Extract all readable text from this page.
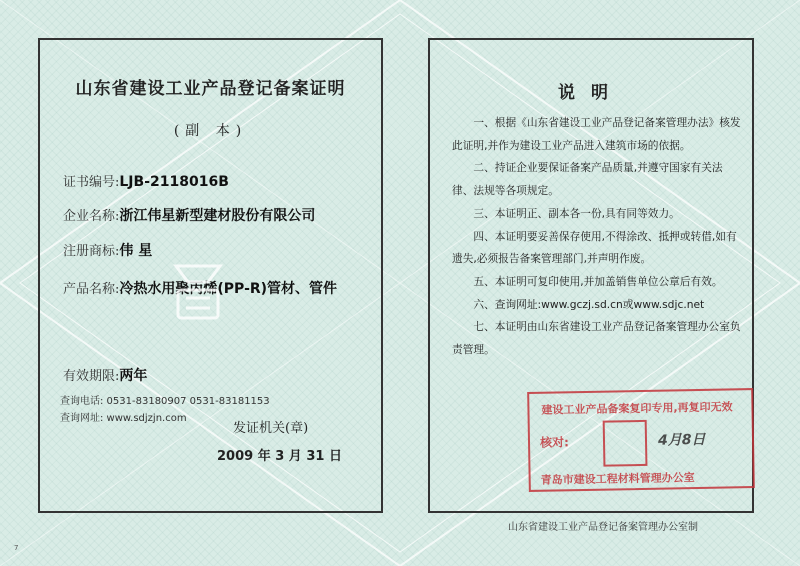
山东省建设工业产品登记备案证明
(副 本)
证书编号:LJB-2118016B
企业名称:浙江伟星新型建材股份有限公司
注册商标:伟 星
产品名称:冷热水用聚丙烯(PP-R)管材、管件
有效期限:两年
查询电话: 0531-83180907 0531-83181153
查询网址: www.sdjzjn.com
发证机关(章)
2009 年 3 月 31 日
说明

一、根据《山东省建设工业产品登记备案管理办法》核发此证明,并作为建设工业产品进入建筑市场的依据。

二、持证企业要保证备案产品质量,并遵守国家有关法律、法规等各项规定。

三、本证明正、副本各一份,具有同等效力。

四、本证明要妥善保存使用,不得涂改、抵押或转借,如有遗失,必须报告备案管理部门,并声明作废。

五、本证明可复印使用,并加盖销售单位公章后有效。

六、查询网址:www.gczj.sd.cn或www.sdjc.net

七、本证明由山东省建设工业产品登记备案管理办公室负责管理。

建设工业产品备案复印专用,再复印无效
核对:	4月8日
青岛市建设工程材料管理办公室
7
山东省建设工业产品登记备案管理办公室制
